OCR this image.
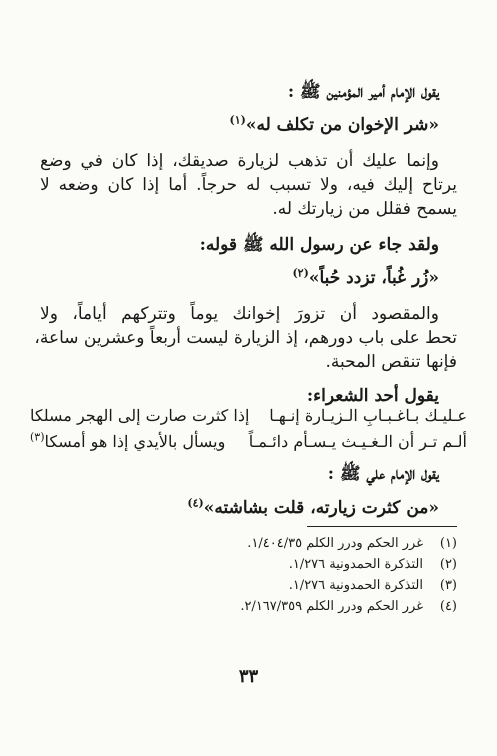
يقول الإمام أمير المؤمنين ﷺ :
«شر الإخوان من تكلف له»$^{(١)}$
وإنما عليك أن تذهب لزيارة صديقك، إذا كان في وضع
يرتاح إليك فيه، ولا تسبب له حرجاً. أما إذا كان وضعه لا
يسمح فقلل من زيارتك له.
ولقد جاء عن رسول الله ﷺ قوله:
«زُر غُباً، تزدد حُباً»$^{(٢)}$
والمقصود أن تزورَ إخوانك يوماً وتتركهم أياماً، ولا
تحط على باب دورهم، إذ الزيارة ليست أربعاً وعشرين ساعة،
فإنها تنقص المحبة.
يقول أحد الشعراء:
عـليـك بـاغـبـابِ الـزيـارة إنـهـا
إذا كثرت صارت إلى الهجر مسلكا
ألـم تـر أن الـغـيـث يـسـأم دائـمـاً
ويسأل بالأيدي إذا هو أمسكا$^{(٣)}$
يقول الإمام علي ﷺ :
«من كثرت زيارته، قلت بشاشته»$^{(٤)}$
(١)
غرر الحكم ودرر الكلم ١/٤٠٤/٣٥.
(٢)
التذكرة الحمدونية ١/٢٧٦.
(٣)
التذكرة الحمدونية ١/٢٧٦.
(٤)
غرر الحكم ودرر الكلم ٢/١٦٧/٣٥٩.
٣٣
